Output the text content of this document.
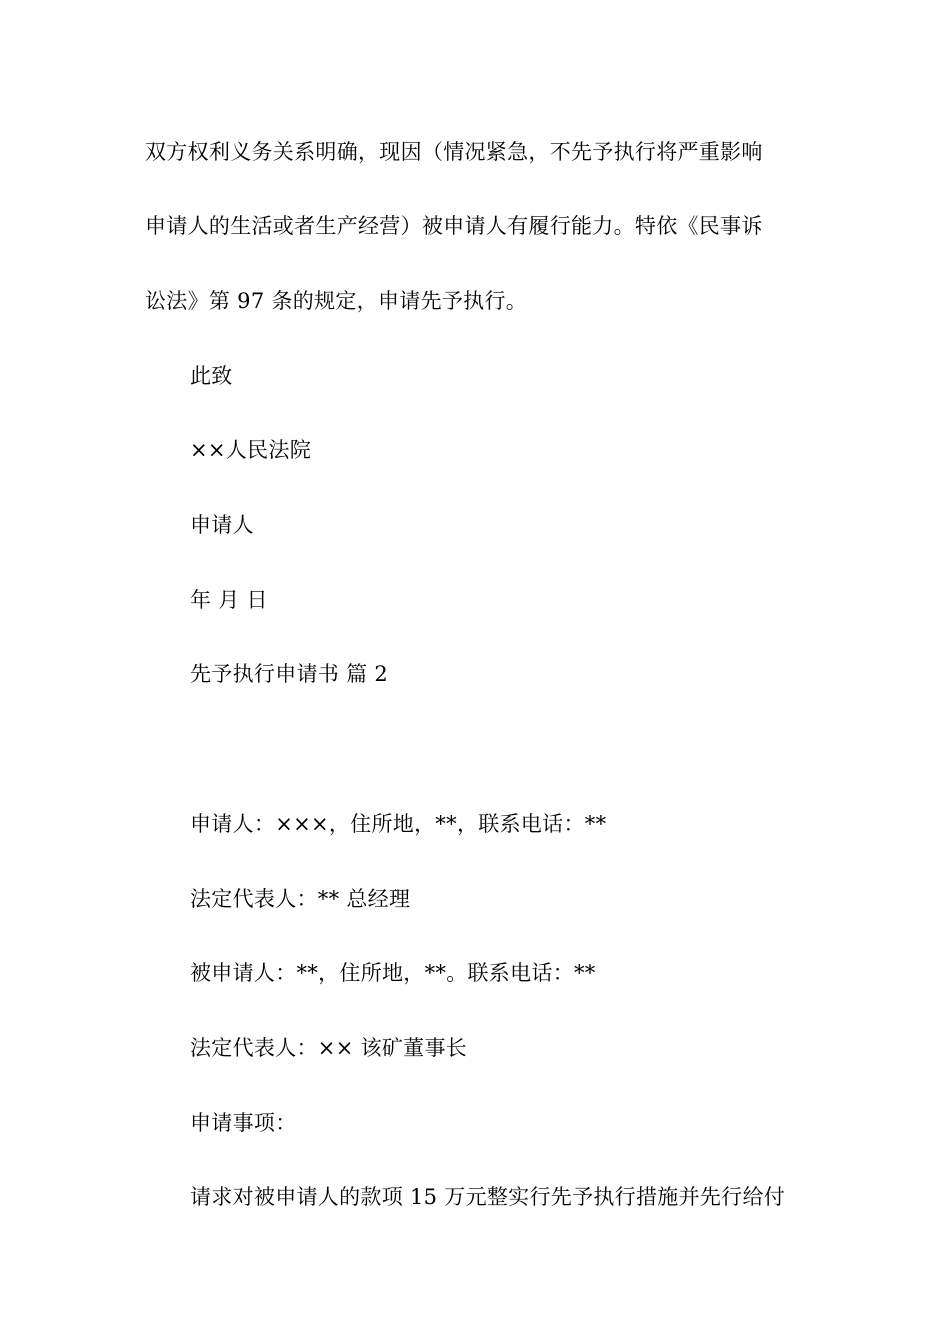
双方权利义务关系明确，现因（情况紧急，不先予执行将严重影响
申请人的生活或者生产经营）被申请人有履行能力。特依《民事诉
讼法》第 97 条的规定，申请先予执行。
此致
××人民法院
申请人
年 月 日
先予执行申请书 篇 2
申请人：×××，住所地，**，联系电话：**
法定代表人：** 总经理
被申请人：**，住所地，**。联系电话：**
法定代表人：×× 该矿董事长
申请事项：
请求对被申请人的款项 15 万元整实行先予执行措施并先行给付
